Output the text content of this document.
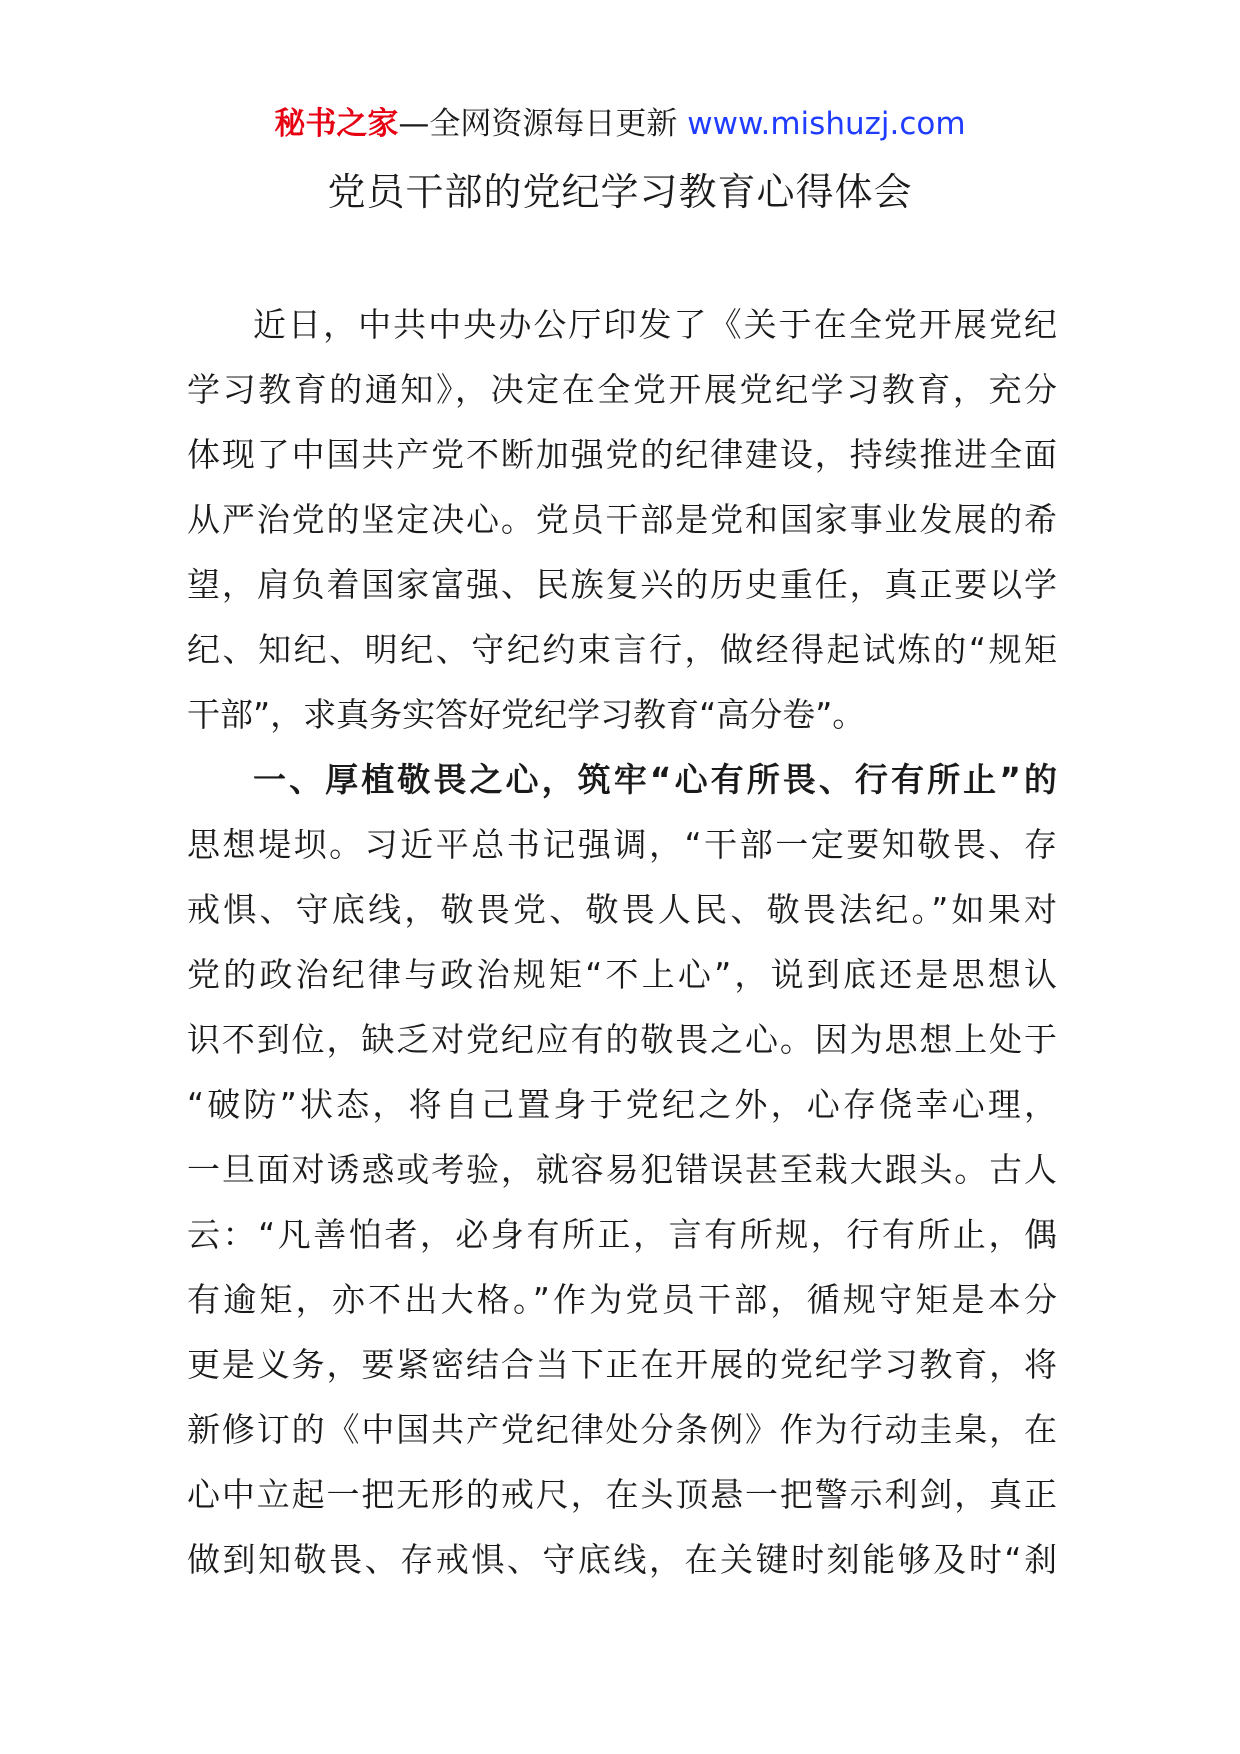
秘书之家—全网资源每日更新 www.mishuzj.com
党员干部的党纪学习教育心得体会
近日，中共中央办公厅印发了《关于在全党开展党纪
学习教育的通知》，决定在全党开展党纪学习教育，充分
体现了中国共产党不断加强党的纪律建设，持续推进全面
从严治党的坚定决心。党员干部是党和国家事业发展的希
望，肩负着国家富强、民族复兴的历史重任，真正要以学
纪、知纪、明纪、守纪约束言行，做经得起试炼的“规矩
干部”，求真务实答好党纪学习教育“高分卷”。
一、厚植敬畏之心，筑牢“心有所畏、行有所止”的
思想堤坝。习近平总书记强调，“干部一定要知敬畏、存
戒惧、守底线，敬畏党、敬畏人民、敬畏法纪。”如果对
党的政治纪律与政治规矩“不上心”，说到底还是思想认
识不到位，缺乏对党纪应有的敬畏之心。因为思想上处于
“破防”状态，将自己置身于党纪之外，心存侥幸心理，
一旦面对诱惑或考验，就容易犯错误甚至栽大跟头。古人
云：“凡善怕者，必身有所正，言有所规，行有所止，偶
有逾矩，亦不出大格。”作为党员干部，循规守矩是本分
更是义务，要紧密结合当下正在开展的党纪学习教育，将
新修订的《中国共产党纪律处分条例》作为行动圭臬，在
心中立起一把无形的戒尺，在头顶悬一把警示利剑，真正
做到知敬畏、存戒惧、守底线，在关键时刻能够及时“刹
